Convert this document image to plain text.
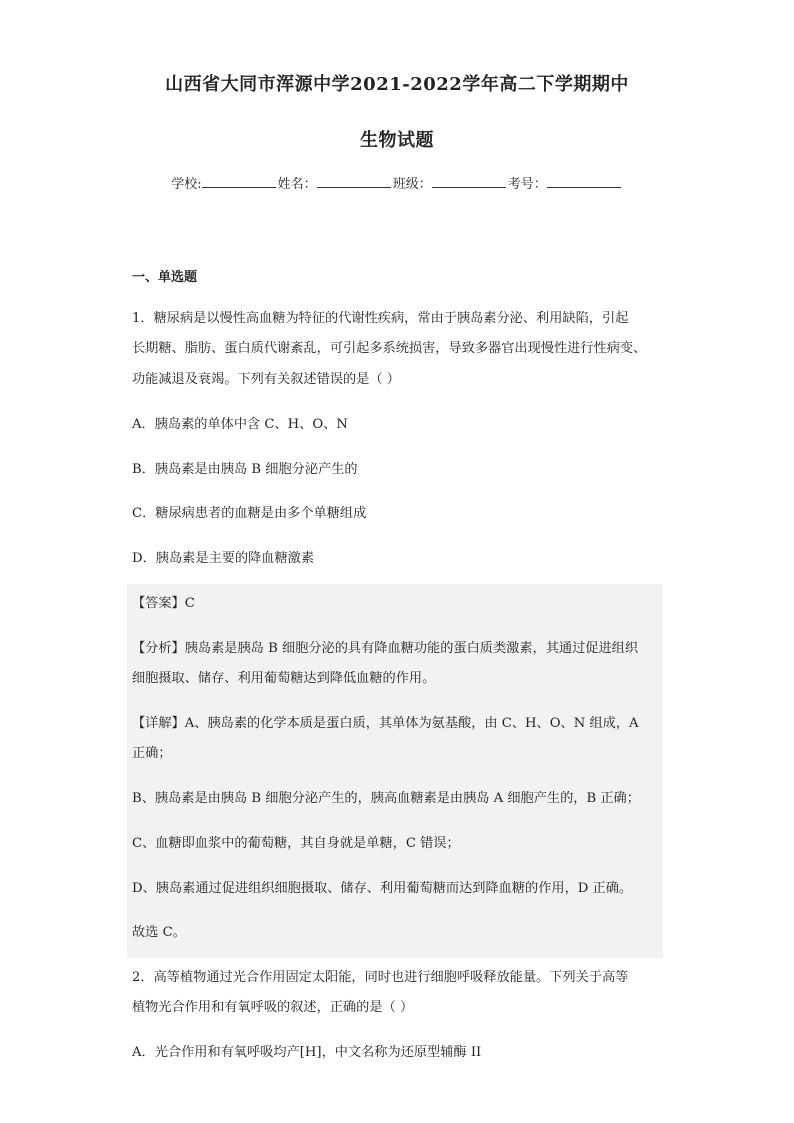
山西省大同市浑源中学2021-2022学年高二下学期期中
生物试题
学校:	姓名：	班级：	考号：
一、单选题
1．糖尿病是以慢性高血糖为特征的代谢性疾病，常由于胰岛素分泌、利用缺陷，引起
长期糖、脂肪、蛋白质代谢紊乱，可引起多系统损害，导致多器官出现慢性进行性病变、
功能减退及衰竭。下列有关叙述错误的是（ ）
A．胰岛素的单体中含 C、H、O、N
B．胰岛素是由胰岛 B 细胞分泌产生的
C．糖尿病患者的血糖是由多个单糖组成
D．胰岛素是主要的降血糖激素
【答案】C
【分析】胰岛素是胰岛 B 细胞分泌的具有降血糖功能的蛋白质类激素，其通过促进组织
细胞摄取、储存、利用葡萄糖达到降低血糖的作用。
【详解】A、胰岛素的化学本质是蛋白质，其单体为氨基酸，由 C、H、O、N 组成，A
正确；
B、胰岛素是由胰岛 B 细胞分泌产生的，胰高血糖素是由胰岛 A 细胞产生的，B 正确；
C、血糖即血浆中的葡萄糖，其自身就是单糖，C 错误；
D、胰岛素通过促进组织细胞摄取、储存、利用葡萄糖而达到降血糖的作用，D 正确。
故选 C。
2．高等植物通过光合作用固定太阳能，同时也进行细胞呼吸释放能量。下列关于高等
植物光合作用和有氧呼吸的叙述，正确的是（ ）
A．光合作用和有氧呼吸均产[H]，中文名称为还原型辅酶 II
